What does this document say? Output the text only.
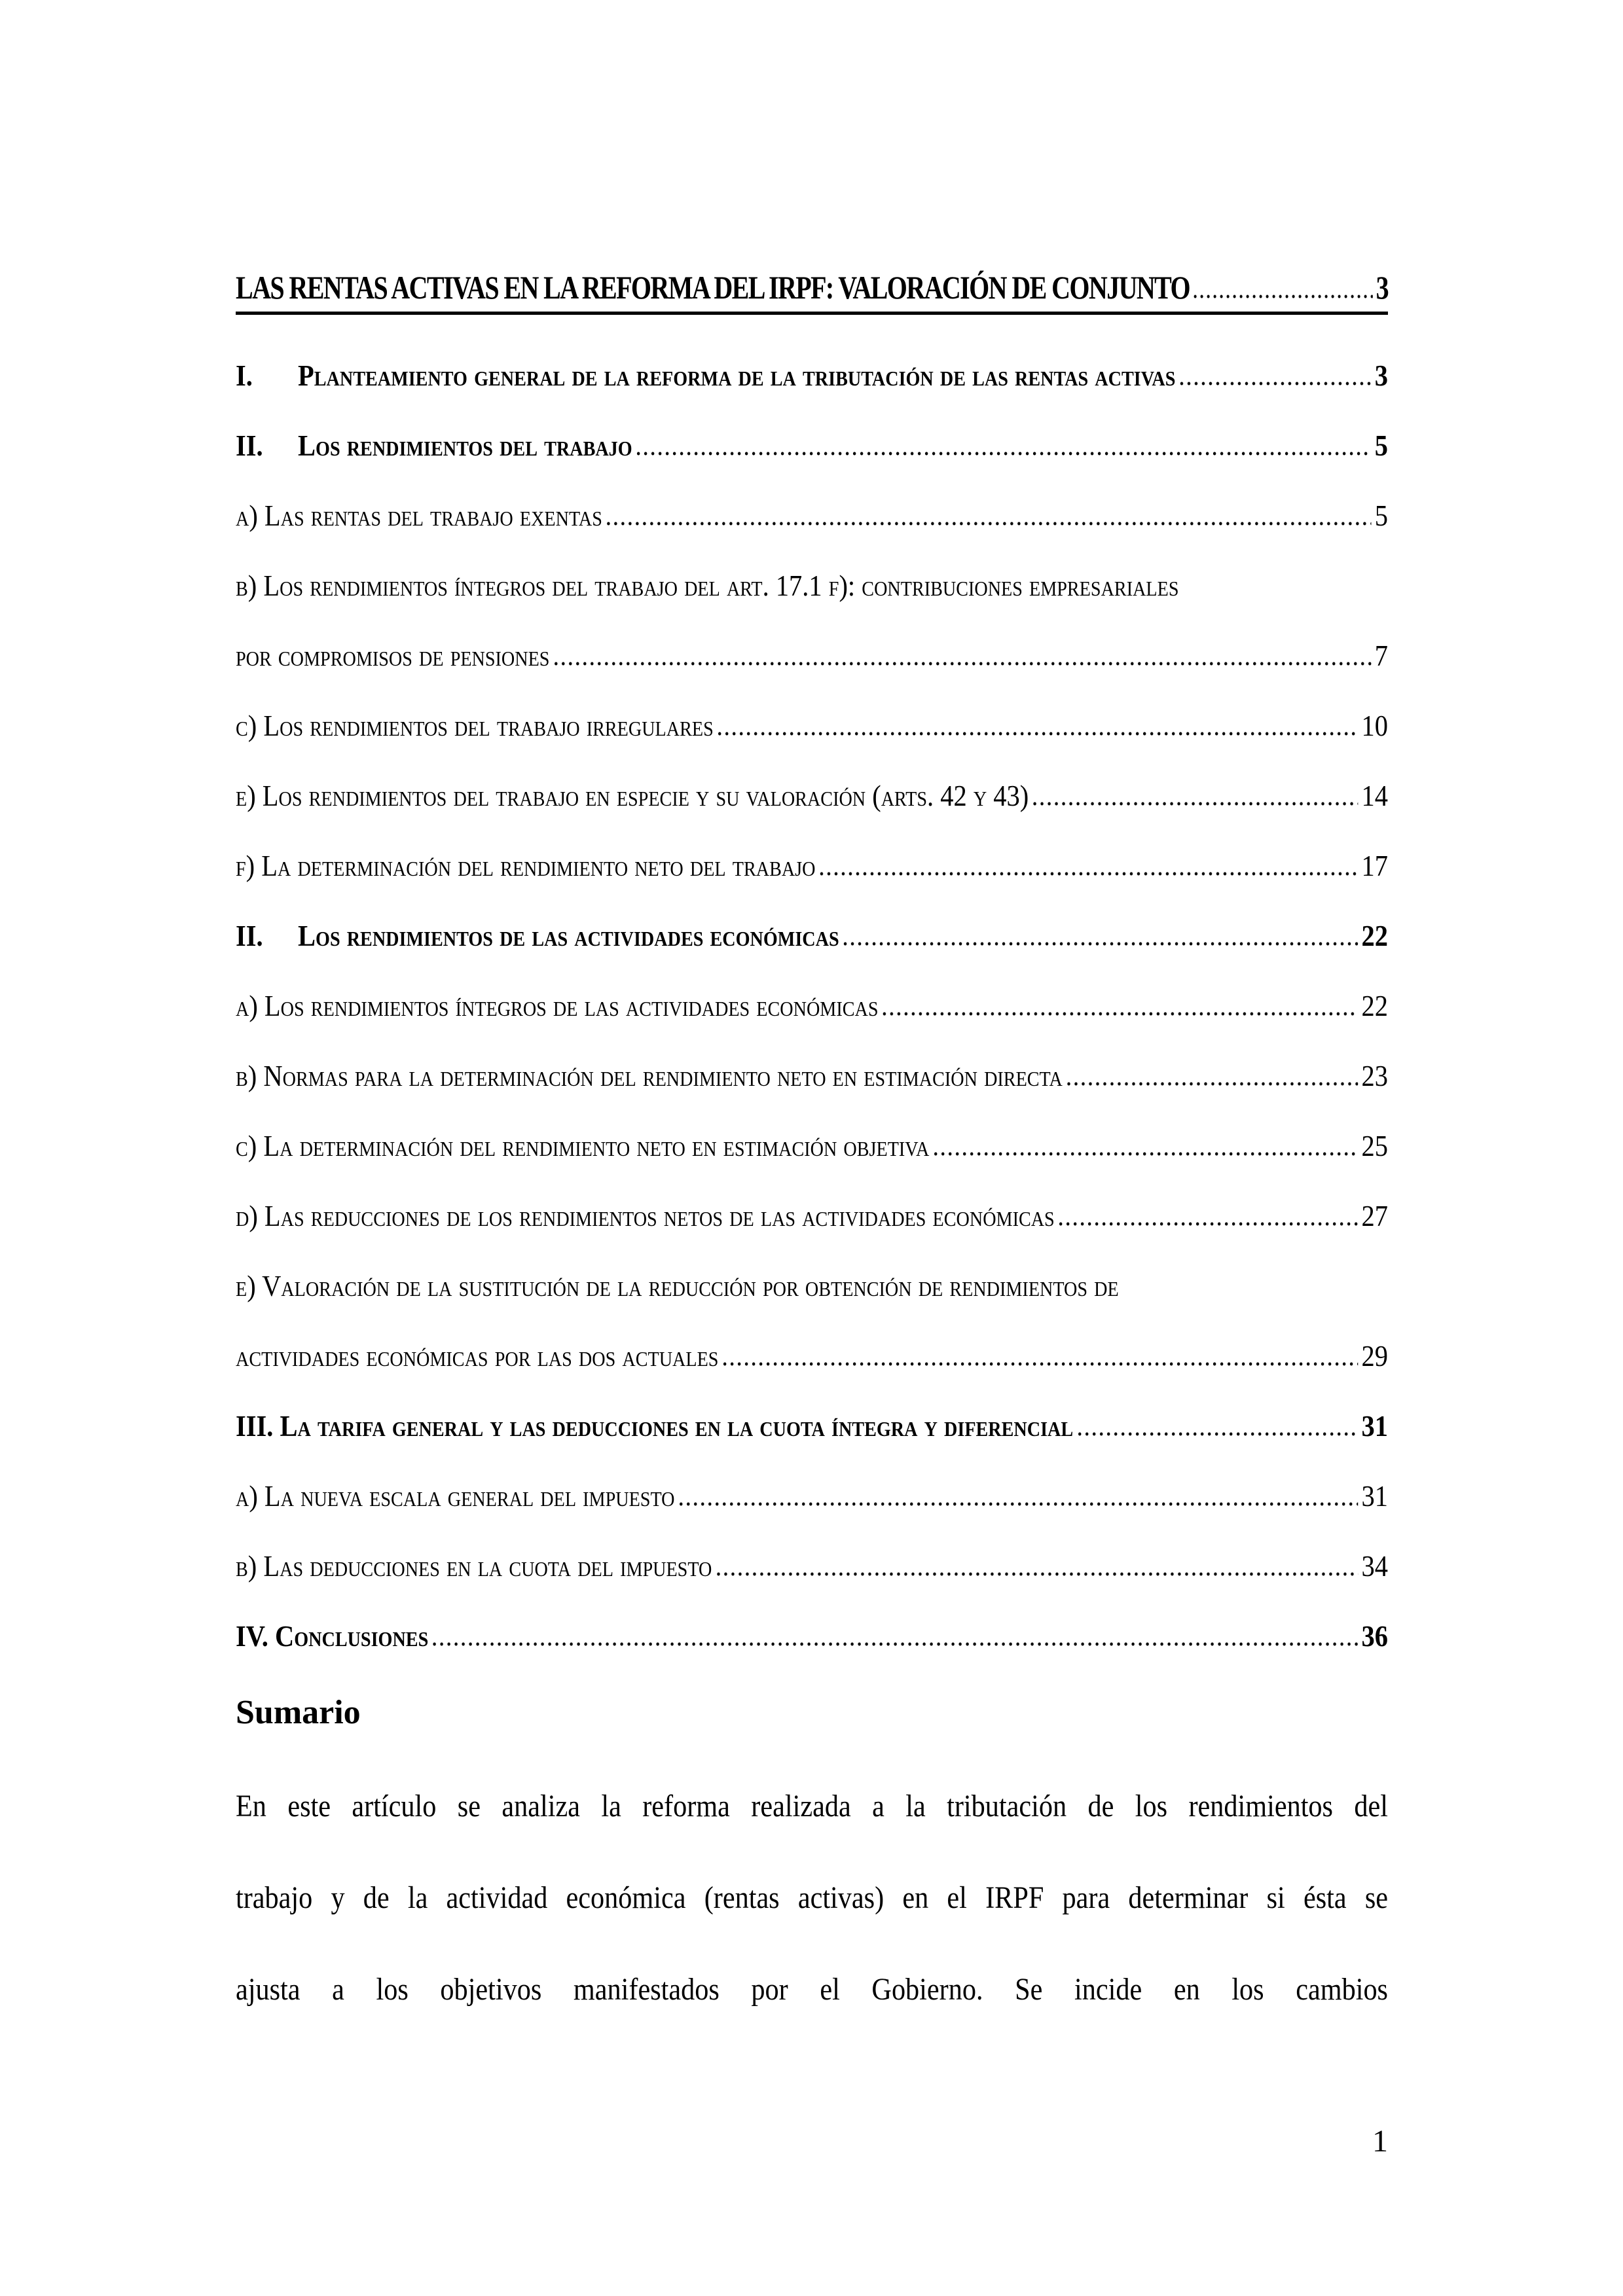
LAS RENTAS ACTIVAS EN LA REFORMA DEL IRPF: VALORACIÓN DE CONJUNTO	3
I.	Planteamiento general de la reforma de la tributación de las rentas activas	3
II.	Los rendimientos del trabajo	5
a) Las rentas del trabajo exentas	5
b) Los rendimientos íntegros del trabajo del art. 17.1 f): contribuciones empresariales
por compromisos de pensiones	7
c) Los rendimientos del trabajo irregulares	10
e) Los rendimientos del trabajo en especie y su valoración (arts. 42 y 43)	14
f) La determinación del rendimiento neto del trabajo	17
II.	Los rendimientos de las actividades económicas	22
a) Los rendimientos íntegros de las actividades económicas	22
b) Normas para la determinación del rendimiento neto en estimación directa	23
c) La determinación del rendimiento neto en estimación objetiva	25
d) Las reducciones de los rendimientos netos de las actividades económicas	27
e) Valoración de la sustitución de la reducción por obtención de rendimientos de
actividades económicas por las dos actuales	29
III. La tarifa general y las deducciones en la cuota íntegra y diferencial	31
a) La nueva escala general del impuesto	31
b) Las deducciones en la cuota del impuesto	34
IV. Conclusiones	36
Sumario
En este artículo se analiza la reforma realizada a la tributación de los rendimientos del
trabajo y de la actividad económica (rentas activas) en el IRPF para determinar si ésta se
ajusta a los objetivos manifestados por el Gobierno. Se incide en los cambios
1
